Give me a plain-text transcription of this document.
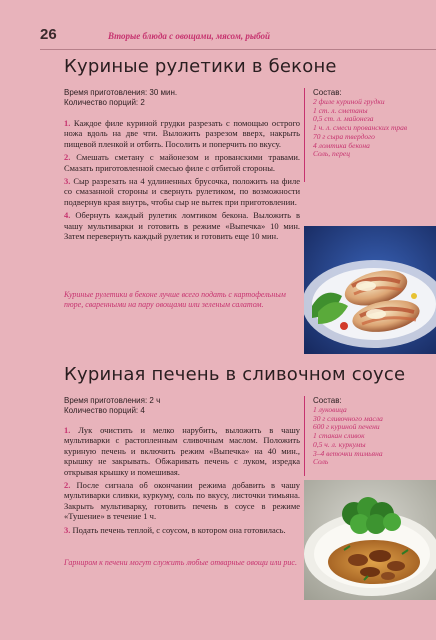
26	Вторые блюда с овощами, мясом, рыбой
Куриные рулетики в беконе
Время приготовления: 30 мин.
Количество порций: 2

1. Каждое филе куриной грудки разрезать с помощью острого ножа вдоль на две чти. Выложить разрезом вверх, накрыть пищевой пленкой и отбить. Посолить и поперчить по вкусу.

2. Смешать сметану с майонезом и прованскими травами. Смазать приготовленной смесью филе с отбитой стороны.

3. Сыр разрезать на 4 удлиненных брусочка, положить на филе со смазанной стороны и свернуть рулетиком, по возможности подвернув края внутрь, чтобы сыр не вытек при приготовлении.

4. Обернуть каждый рулетик ломтиком бекона. Выложить в чашу мультиварки и готовить в режиме «Выпечка» 10 мин. Затем перевернуть каждый рулетик и готовить еще 10 мин.

Куриные рулетики в беконе лучше всего подать с картофельным пюре, сваренными на пару овощами или зеленым салатом.
Состав:
2 филе куриной грудки
1 ст. л. сметаны
0,5 ст. л. майонеза
1 ч. л. смеси прованских трав
70 г сыра твердого
4 ломтика бекона
Соль, перец
Куриная печень в сливочном соусе
Время приготовления: 2 ч
Количество порций: 4

1. Лук очистить и мелко нарубить, выложить в чашу мультиварки с растопленным сливочным маслом. Положить куриную печень и включить режим «Выпечка» на 40 мин., крышку не закрывать. Обжаривать печень с луком, изредка открывая крышку и помешивая.

2. После сигнала об окончании режима добавить в чашу мультиварки сливки, куркуму, соль по вкусу, листочки тимьяна. Закрыть мультиварку, готовить печень в соусе в режиме «Тушение» в течение 1 ч.

3. Подать печень теплой, с соусом, в котором она готовилась.

Гарниром к печени могут служить любые отварные овощи или рис.
Состав:
1 луковица
30 г сливочного масла
600 г куриной печени
1 стакан сливок
0,5 ч. л. куркумы
3–4 веточки тимьяна
Соль
